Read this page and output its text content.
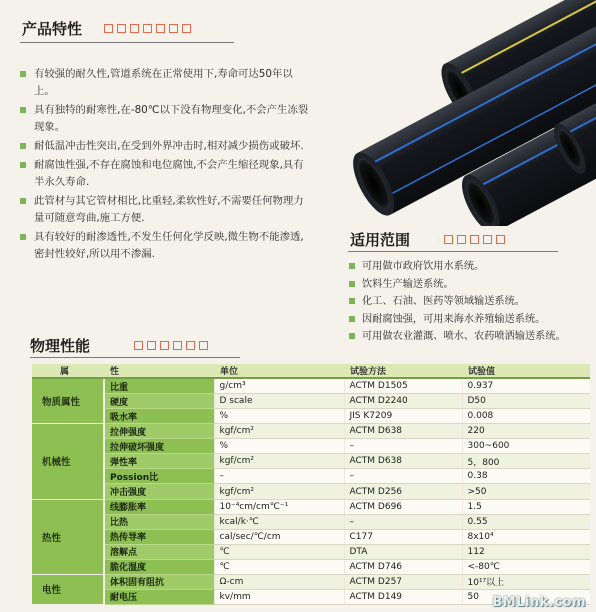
产品特性
有较强的耐久性,管道系统在正常使用下,寿命可达50年以上。
具有独特的耐寒性,在-80℃以下没有物理变化,不会产生冻裂现象。
耐低温冲击性突出,在受到外界冲击时,相对减少损伤或破坏.
耐腐蚀性强,不存在腐蚀和电位腐蚀,不会产生缩径现象,具有半永久寿命.
此管材与其它管材相比,比重轻,柔软性好,不需要任何物理力量可随意弯曲,施工方便.
具有较好的耐渗透性,不发生任何化学反映,微生物不能渗透,密封性较好,所以用不渗漏.
适用范围
可用做市政府饮用水系统。
饮料生产输送系统。
化工、石油、医药等领域输送系统。
因耐腐蚀强，可用来海水养殖输送系统。
可用做农业灌溉、喷水、农药喷洒输送系统。
物理性能
属	性	单位	试验方法	试验值
物质属性	比重	g/cm³	ACTM D1505	0.937
	硬度	D scale	ACTM D2240	D50
	吸水率	%	JIS K7209	0.008
机械性	拉伸强度	kgf/cm²	ACTM D638	220
	拉伸破坏强度	%	–	300~600
	弹性率	kgf/cm²	ACTM D638	5，800
	Possion比	–	–	0.38
	冲击强度	kgf/cm²	ACTM D256	>50
热性	线膨胀率	10⁻⁴cm/cm℃⁻¹	ACTM D696	1.5
	比热	kcal/k·℃	–	0.55
	热传导率	cal/sec/℃/cm	C177	8x10⁴
	溶解点	℃	DTA	112
	脆化湿度	℃	ACTM D746	<-80℃
电性	体积固有阻抗	Ω-cm	ACTM D257	10¹⁷以上
	耐电压	kv/mm	ACTM D149	50 BMLink.com
